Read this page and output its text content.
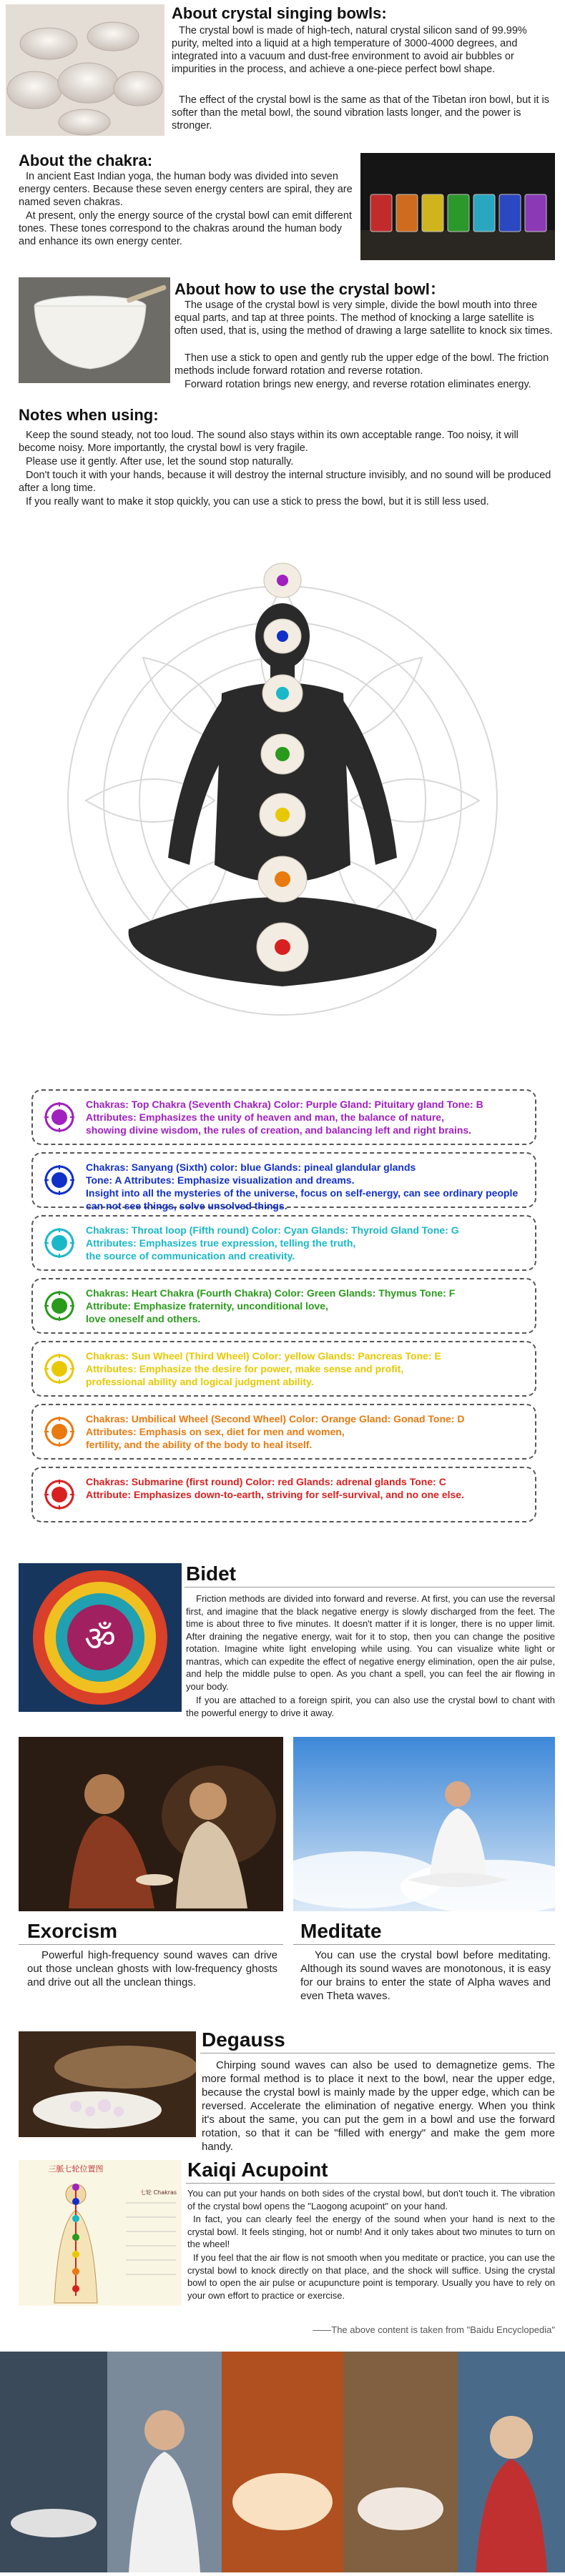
About crystal singing bowls:

The crystal bowl is made of high-tech, natural crystal silicon sand of 99.99% purity, melted into a liquid at a high temperature of 3000-4000 degrees, and integrated into a vacuum and dust-free environment to avoid air bubbles or impurities in the process, and achieve a one-piece perfect bowl shape.

The effect of the crystal bowl is the same as that of the Tibetan iron bowl, but it is softer than the metal bowl, the sound vibration lasts longer, and the power is stronger.

About the chakra:

In ancient East Indian yoga, the human body was divided into seven energy centers. Because these seven energy centers are spiral, they are named seven chakras.

At present, only the energy source of the crystal bowl can emit different tones. These tones correspond to the chakras around the human body and enhance its own energy center.

About how to use the crystal bowl：

The usage of the crystal bowl is very simple, divide the bowl mouth into three equal parts, and tap at three points. The method of knocking a large satellite is often used, that is, using the method of drawing a large satellite to knock six times.

Then use a stick to open and gently rub the upper edge of the bowl. The friction methods include forward rotation and reverse rotation.

Forward rotation brings new energy, and reverse rotation eliminates energy.

Notes when using:

Keep the sound steady, not too loud. The sound also stays within its own acceptable range. Too noisy, it will become noisy. More importantly, the crystal bowl is very fragile.

Please use it gently. After use, let the sound stop naturally.

Don't touch it with your hands, because it will destroy the internal structure invisibly, and no sound will be produced after a long time.

If you really want to make it stop quickly, you can use a stick to press the bowl, but it is still less used.

Chakras: Top Chakra (Seventh Chakra) Color: Purple Gland: Pituitary gland Tone: B
Attributes: Emphasizes the unity of heaven and man, the balance of nature,
showing divine wisdom, the rules of creation, and balancing left and right brains.
Chakras: Sanyang (Sixth) color: blue Glands: pineal glandular glands
Tone: A Attributes: Emphasize visualization and dreams.
Insight into all the mysteries of the universe, focus on self-energy, can see ordinary people can not see things, solve unsolved things.
Chakras: Throat loop (Fifth round) Color: Cyan Glands: Thyroid Gland Tone: G
Attributes: Emphasizes true expression, telling the truth,
the source of communication and creativity.
Chakras: Heart Chakra (Fourth Chakra) Color: Green Glands: Thymus Tone: F
Attribute: Emphasize fraternity, unconditional love,
love oneself and others.
Chakras: Sun Wheel (Third Wheel) Color: yellow Glands: Pancreas Tone: E
Attributes: Emphasize the desire for power, make sense and profit,
professional ability and logical judgment ability.
Chakras: Umbilical Wheel (Second Wheel) Color: Orange Gland: Gonad Tone: D
Attributes: Emphasis on sex, diet for men and women,
fertility, and the ability of the body to heal itself.
Chakras: Submarine (first round) Color: red Glands: adrenal glands Tone: C
Attribute: Emphasizes down-to-earth, striving for self-survival, and no one else.
ॐ
Bidet

Friction methods are divided into forward and reverse. At first, you can use the reversal first, and imagine that the black negative energy is slowly discharged from the feet. The time is about three to five minutes. It doesn't matter if it is longer, there is no upper limit. After draining the negative energy, wait for it to stop, then you can change the positive rotation. Imagine white light enveloping while using. You can visualize white light or mantras, which can expedite the effect of negative energy elimination, open the air pulse, and help the middle pulse to open. As you chant a spell, you can feel the air flowing in your body.

If you are attached to a foreign spirit, you can also use the crystal bowl to chant with the powerful energy to drive it away.

Exorcism

Powerful high-frequency sound waves can drive out those unclean ghosts with low-frequency ghosts and drive out all the unclean things.

Meditate

You can use the crystal bowl before meditating. Although its sound waves are monotonous, it is easy for our brains to enter the state of Alpha waves and even Theta waves.

Degauss

Chirping sound waves can also be used to demagnetize gems. The more formal method is to place it next to the bowl, near the upper edge, because the crystal bowl is mainly made by the upper edge, which can be reversed. Accelerate the elimination of negative energy. When you think it's about the same, you can put the gem in a bowl and use the forward rotation, so that it can be "filled with energy" and make the gem more handy.

三脈七轮位置图
七轮 Chakras
Kaiqi Acupoint

You can put your hands on both sides of the crystal bowl, but don't touch it. The vibration of the crystal bowl opens the "Laogong acupoint" on your hand.

In fact, you can clearly feel the energy of the sound when your hand is next to the crystal bowl. It feels stinging, hot or numb! And it only takes about two minutes to turn on the wheel!

If you feel that the air flow is not smooth when you meditate or practice, you can use the crystal bowl to knock directly on that place, and the shock will suffice. Using the crystal bowl to open the air pulse or acupuncture point is temporary. Usually you have to rely on your own effort to practice or exercise.

——The above content is taken from "Baidu Encyclopedia"
